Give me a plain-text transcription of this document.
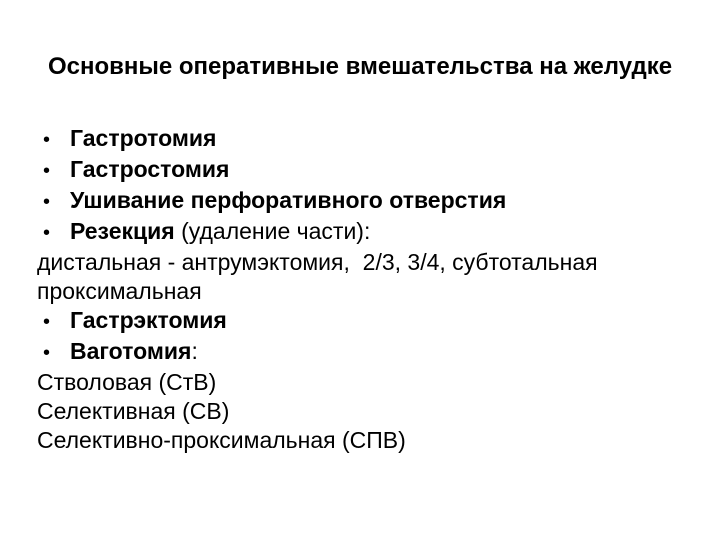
Основные оперативные вмешательства на желудке
• Гастротомия
• Гастростомия
• Ушивание перфоративного отверстия
• Резекция (удаление части):
дистальная - антрумэктомия,  2/3, 3/4, субтотальная
проксимальная
• Гастрэктомия
• Ваготомия:
Стволовая (СтВ)
Селективная (СВ)
Селективно-проксимальная (СПВ)
